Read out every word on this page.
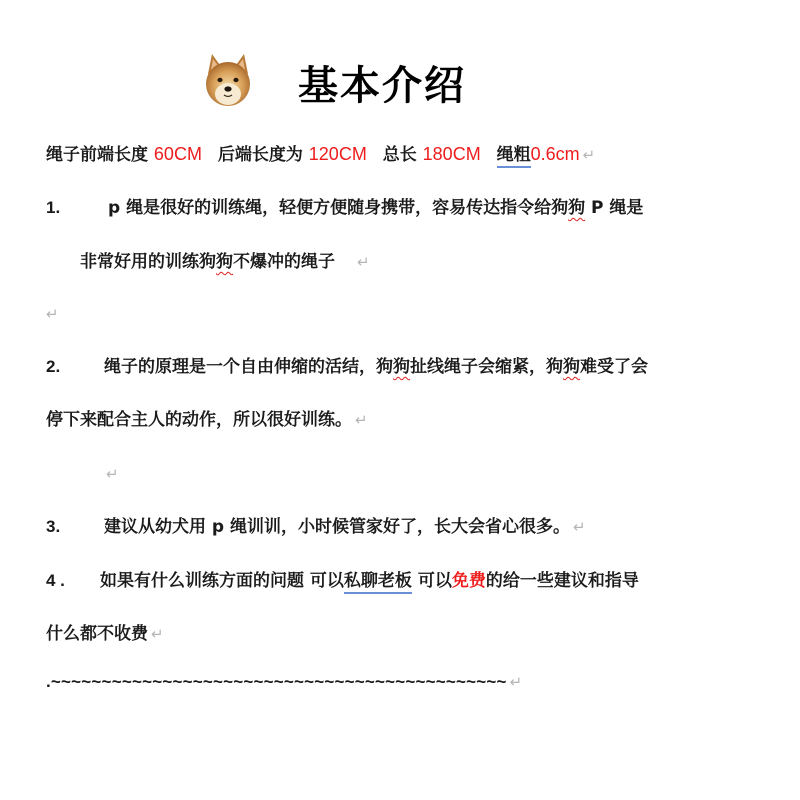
基本介绍
绳子前端长度 60CM 后端长度为 120CM 总长 180CM 绳粗0.6cm ↵
1.	p 绳是很好的训练绳，轻便方便随身携带，容易传达指令给狗狗 P 绳是
非常好用的训练狗狗不爆冲的绳子 ↵
↵
2.	绳子的原理是一个自由伸缩的活结，狗狗扯线绳子会缩紧，狗狗难受了会
停下来配合主人的动作，所以很好训练。 ↵
↵
3.	建议从幼犬用 p 绳训训，小时候管家好了，长大会省心很多。 ↵
4 . 如果有什么训练方面的问题 可以私聊老板 可以免费的给一些建议和指导
什么都不收费 ↵
.~~~~~~~~~~~~~~~~~~~~~~~~~~~~~~~~~~~~~~~~~~~~~ ↵
